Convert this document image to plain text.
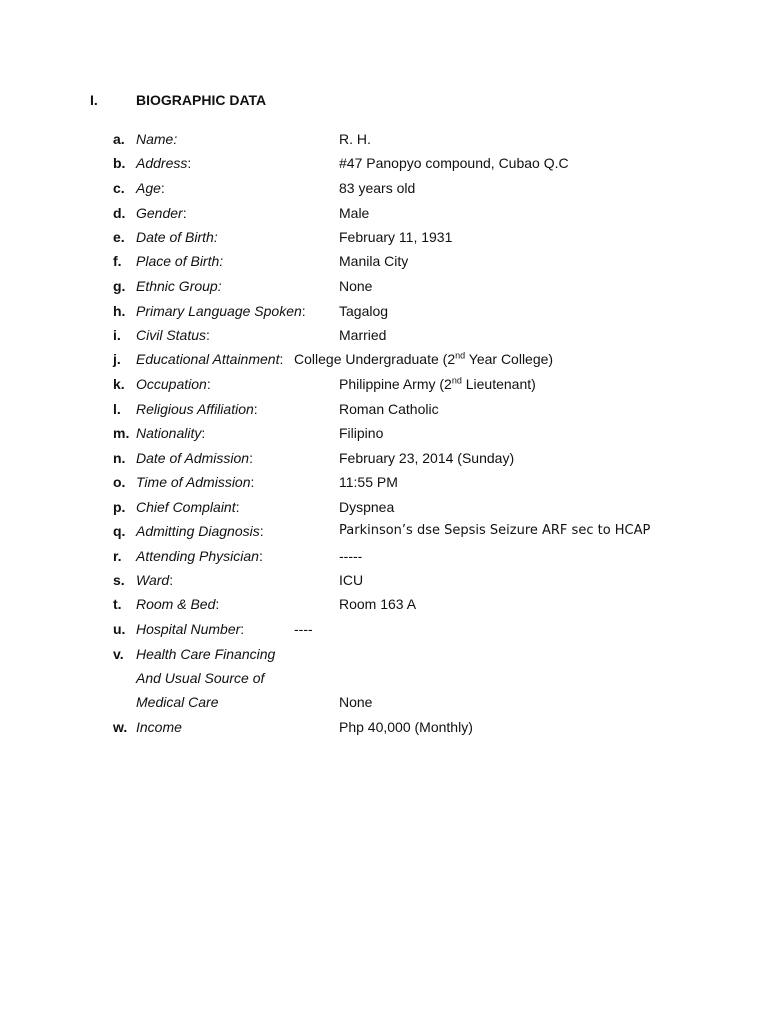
I.	BIOGRAPHIC DATA
a. Name:	R. H.
b. Address:	#47 Panopyo compound, Cubao Q.C
c. Age:	83 years old
d. Gender:	Male
e. Date of Birth:	February 11, 1931
f. Place of Birth:	Manila City
g. Ethnic Group:	None
h. Primary Language Spoken: Tagalog
i. Civil Status:	Married
j. Educational Attainment: College Undergraduate (2nd Year College)
k. Occupation:	Philippine Army (2nd Lieutenant)
l. Religious Affiliation:	Roman Catholic
m. Nationality:	Filipino
n. Date of Admission:	February 23, 2014 (Sunday)
o. Time of Admission:	11:55 PM
p. Chief Complaint:	Dyspnea
q. Admitting Diagnosis:	Parkinson’s dse Sepsis Seizure ARF sec to HCAP
r. Attending Physician:	-----
s. Ward:	ICU
t. Room & Bed:	Room 163 A
u. Hospital Number:	----
v. Health Care Financing
And Usual Source of
Medical Care	None
w. Income	Php 40,000 (Monthly)
